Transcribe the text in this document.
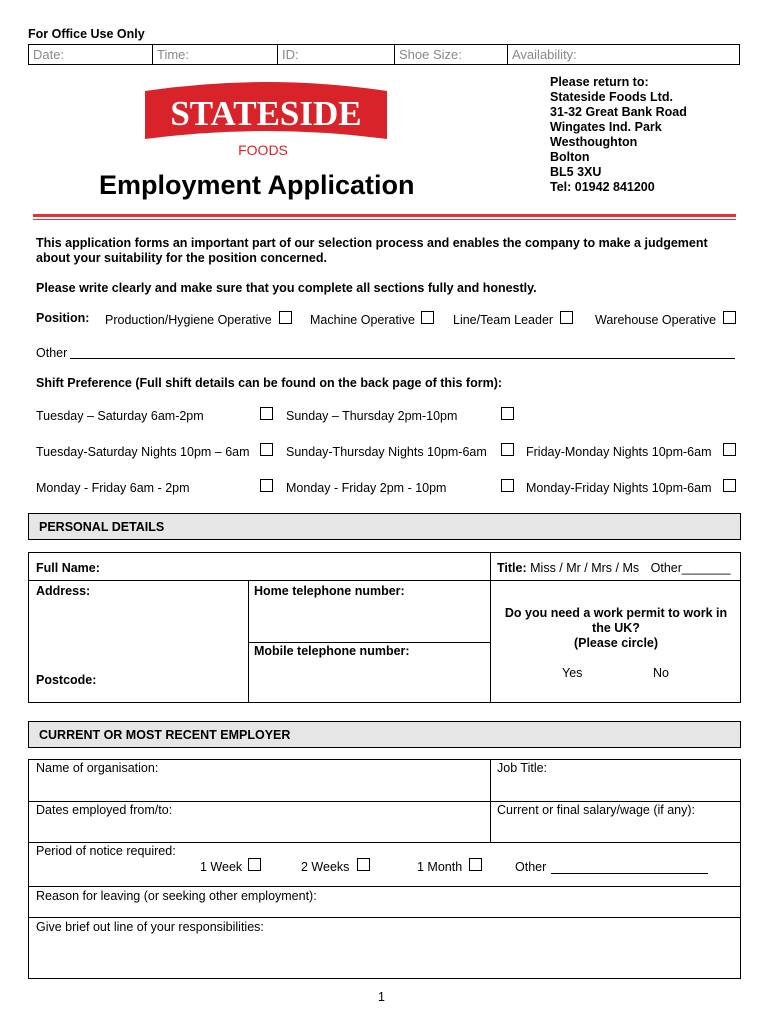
For Office Use Only
Date:	Time:	ID:	Shoe Size:	Availability:
STATESIDE
FOODS
Please return to:
Stateside Foods Ltd.
31-32 Great Bank Road
Wingates Ind. Park
Westhoughton
Bolton
BL5 3XU
Tel: 01942 841200
Employment Application
This application forms an important part of our selection process and enables the company to make a judgement about your suitability for the position concerned.
Please write clearly and make sure that you complete all sections fully and honestly.
Position: Production/Hygiene Operative	Machine Operative	Line/Team Leader	Warehouse Operative
Other
Shift Preference (Full shift details can be found on the back page of this form):
Tuesday – Saturday 6am-2pm	Sunday – Thursday 2pm-10pm
Tuesday-Saturday Nights 10pm – 6am	Sunday-Thursday Nights 10pm-6am	Friday-Monday Nights 10pm-6am
Monday - Friday 6am - 2pm	Monday - Friday 2pm - 10pm	Monday-Friday Nights 10pm-6am
PERSONAL DETAILS
Full Name:	Title: Miss / Mr / Mrs / Ms Other_______
Address:	Home telephone number:
Mobile telephone number:
Postcode:
Do you need a work permit to work in
the UK?
(Please circle)
Yes	No
CURRENT OR MOST RECENT EMPLOYER
Name of organisation:	Job Title:
Dates employed from/to:	Current or final salary/wage (if any):
Period of notice required:
1 Week	2 Weeks	1 Month	Other
Reason for leaving (or seeking other employment):
Give brief out line of your responsibilities:
1
